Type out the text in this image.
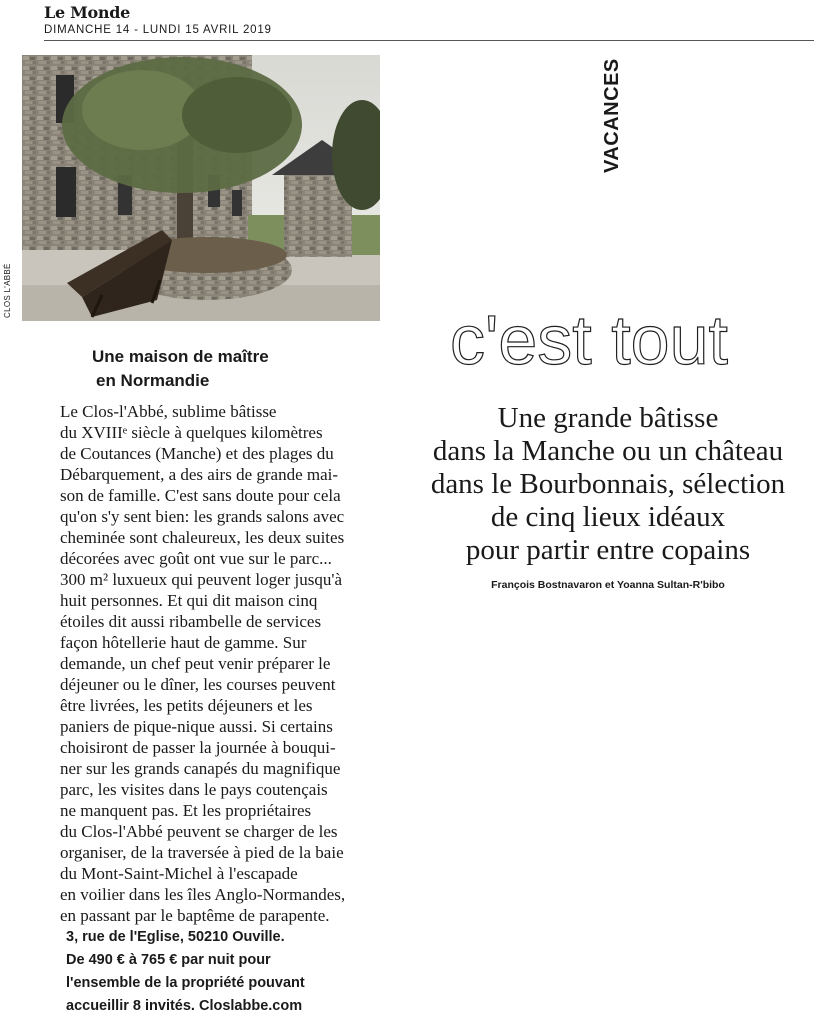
Le Monde
DIMANCHE 14 - LUNDI 15 AVRIL 2019
CLOS L'ABBÉ
Une maison de maître
en Normandie
Le Clos-l'Abbé, sublime bâtisse
du XVIIIᵉ siècle à quelques kilomètres
de Coutances (Manche) et des plages du
Débarquement, a des airs de grande mai-
son de famille. C'est sans doute pour cela
qu'on s'y sent bien: les grands salons avec
cheminée sont chaleureux, les deux suites
décorées avec goût ont vue sur le parc...
300 m² luxueux qui peuvent loger jusqu'à
huit personnes. Et qui dit maison cinq
étoiles dit aussi ribambelle de services
façon hôtellerie haut de gamme. Sur
demande, un chef peut venir préparer le
déjeuner ou le dîner, les courses peuvent
être livrées, les petits déjeuners et les
paniers de pique-nique aussi. Si certains
choisiront de passer la journée à bouqui-
ner sur les grands canapés du magnifique
parc, les visites dans le pays coutençais
ne manquent pas. Et les propriétaires
du Clos-l'Abbé peuvent se charger de les
organiser, de la traversée à pied de la baie
du Mont-Saint-Michel à l'escapade
en voilier dans les îles Anglo-Normandes,
en passant par le baptême de parapente.
3, rue de l'Eglise, 50210 Ouville.
De 490 € à 765 € par nuit pour
l'ensemble de la propriété pouvant
accueillir 8 invités. Closlabbe.com
VACANCES
Ensemble,
c'est tout
Une grande bâtisse
dans la Manche ou un château
dans le Bourbonnais, sélection
de cinq lieux idéaux
pour partir entre copains
François Bostnavaron et Yoanna Sultan-R'bibo
